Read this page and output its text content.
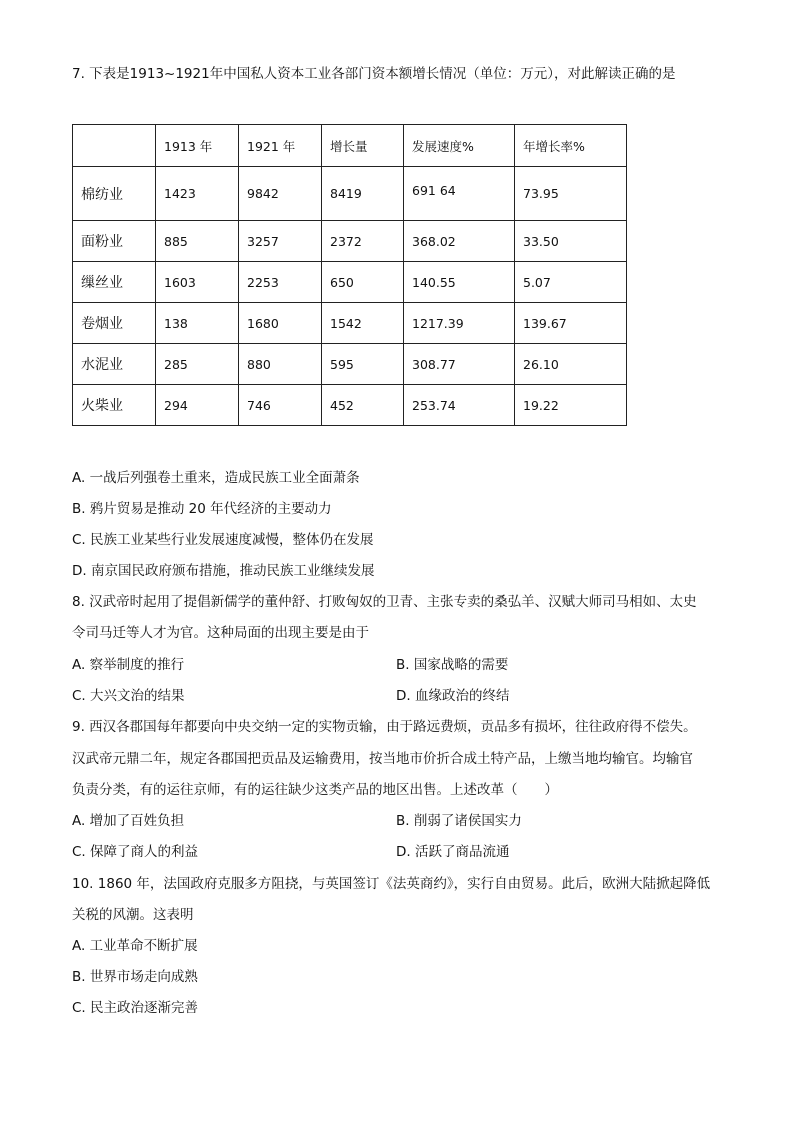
7. 下表是1913~1921年中国私人资本工业各部门资本额增长情况（单位：万元），对此解读正确的是
	1913 年	1921 年	增长量	发展速度%	年增长率%
棉纺业	1423	9842	8419	691 64	73.95
面粉业	885	3257	2372	368.02	33.50
缫丝业	1603	2253	650	140.55	5.07
卷烟业	138	1680	1542	1217.39	139.67
水泥业	285	880	595	308.77	26.10
火柴业	294	746	452	253.74	19.22
A. 一战后列强卷土重来，造成民族工业全面萧条
B. 鸦片贸易是推动 20 年代经济的主要动力
C. 民族工业某些行业发展速度减慢，整体仍在发展
D. 南京国民政府颁布措施，推动民族工业继续发展
8. 汉武帝时起用了提倡新儒学的董仲舒、打败匈奴的卫青、主张专卖的桑弘羊、汉赋大师司马相如、太史
令司马迁等人才为官。这种局面的出现主要是由于
A. 察举制度的推行	B. 国家战略的需要
C. 大兴文治的结果	D. 血缘政治的终结
9. 西汉各郡国每年都要向中央交纳一定的实物贡输，由于路远费烦，贡品多有损坏，往往政府得不偿失。
汉武帝元鼎二年，规定各郡国把贡品及运输费用，按当地市价折合成土特产品，上缴当地均输官。均输官
负责分类，有的运往京师，有的运往缺少这类产品的地区出售。上述改革（　　）
A. 增加了百姓负担	B. 削弱了诸侯国实力
C. 保障了商人的利益	D. 活跃了商品流通
10. 1860 年，法国政府克服多方阻挠，与英国签订《法英商约》，实行自由贸易。此后，欧洲大陆掀起降低
关税的风潮。这表明
A. 工业革命不断扩展
B. 世界市场走向成熟
C. 民主政治逐渐完善
